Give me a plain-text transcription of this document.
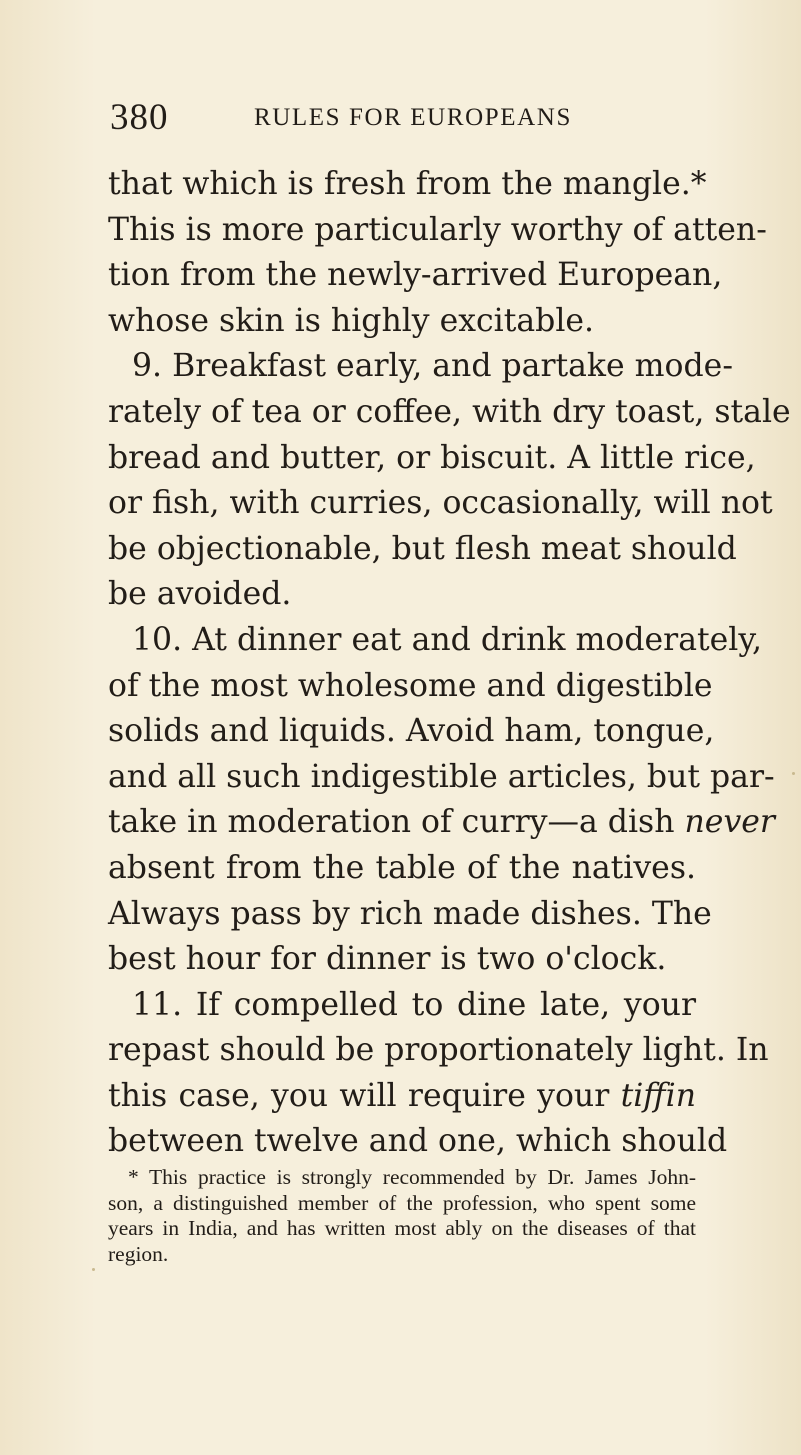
380	RULES FOR EUROPEANS
that which is fresh from the mangle.*
This is more particularly worthy of atten-
tion from the newly-arrived European,
whose skin is highly excitable.
9. Breakfast early, and partake mode-
rately of tea or coffee, with dry toast, stale
bread and butter, or biscuit. A little rice,
or fish, with curries, occasionally, will not
be objectionable, but flesh meat should
be avoided.
10. At dinner eat and drink moderately,
of the most wholesome and digestible
solids and liquids. Avoid ham, tongue,
and all such indigestible articles, but par-
take in moderation of curry—a dish never
absent from the table of the natives.
Always pass by rich made dishes. The
best hour for dinner is two o'clock.
11. If compelled to dine late, your
repast should be proportionately light. In
this case, you will require your tiffin
between twelve and one, which should
* This practice is strongly recommended by Dr. James John-
son, a distinguished member of the profession, who spent some
years in India, and has written most ably on the diseases of that
region.
